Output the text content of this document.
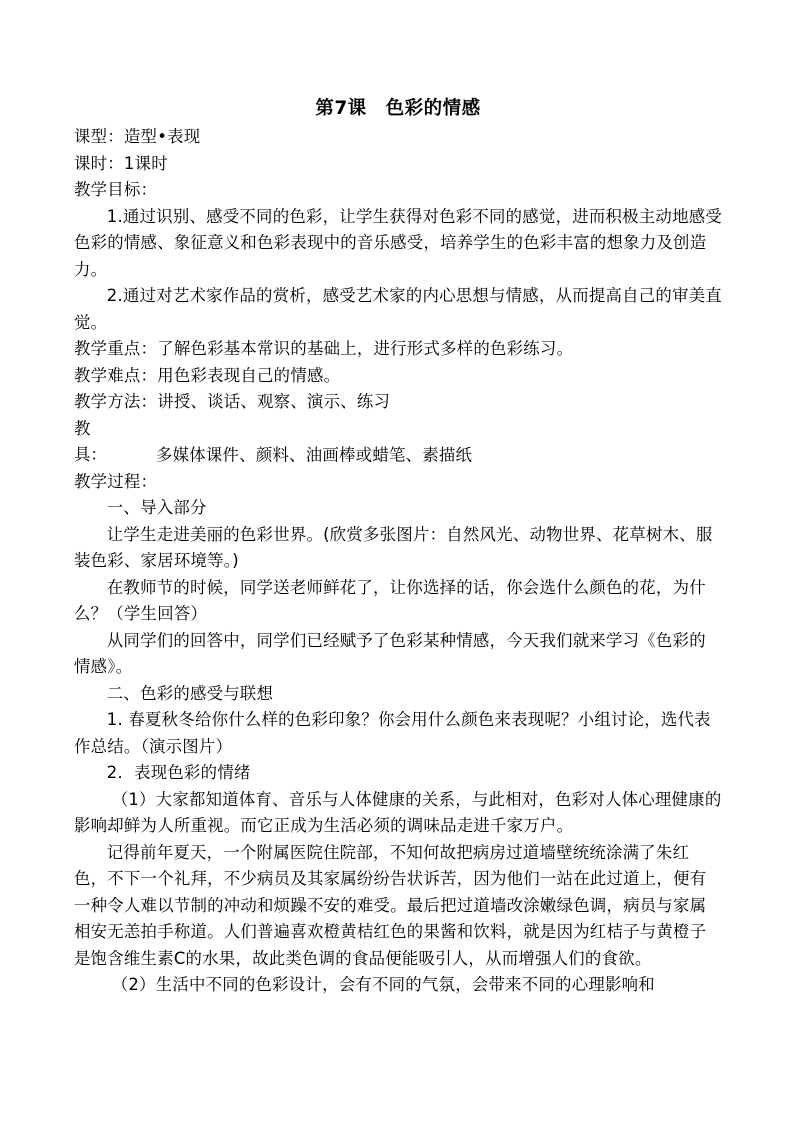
第7课　色彩的情感

课型：造型•表现

课时：1课时

教学目标：

1.通过识别、感受不同的色彩，让学生获得对色彩不同的感觉，进而积极主动地感受色彩的情感、象征意义和色彩表现中的音乐感受，培养学生的色彩丰富的想象力及创造力。

2.通过对艺术家作品的赏析，感受艺术家的内心思想与情感，从而提高自己的审美直觉。

教学重点：了解色彩基本常识的基础上，进行形式多样的色彩练习。

教学难点：用色彩表现自己的情感。

教学方法：讲授、谈话、观察、演示、练习

教具：	多媒体课件、颜料、油画棒或蜡笔、素描纸

教学过程：

一、导入部分

让学生走进美丽的色彩世界。(欣赏多张图片：自然风光、动物世界、花草树木、服装色彩、家居环境等。)

在教师节的时候，同学送老师鲜花了，让你选择的话，你会选什么颜色的花，为什么？（学生回答）

从同学们的回答中，同学们已经赋予了色彩某种情感，今天我们就来学习《色彩的情感》。

二、色彩的感受与联想

1. 春夏秋冬给你什么样的色彩印象？你会用什么颜色来表现呢？小组讨论，选代表作总结。（演示图片）

2．表现色彩的情绪

（1）大家都知道体育、音乐与人体健康的关系，与此相对，色彩对人体心理健康的影响却鲜为人所重视。而它正成为生活必须的调味品走进千家万户。

记得前年夏天，一个附属医院住院部，不知何故把病房过道墙壁统统涂满了朱红色，不下一个礼拜，不少病员及其家属纷纷告状诉苦，因为他们一站在此过道上，便有一种令人难以节制的冲动和烦躁不安的难受。最后把过道墙改涂嫩绿色调，病员与家属相安无恙拍手称道。人们普遍喜欢橙黄桔红色的果酱和饮料，就是因为红桔子与黄橙子是饱含维生素C的水果，故此类色调的食品便能吸引人，从而增强人们的食欲。

（2）生活中不同的色彩设计，会有不同的气氛，会带来不同的心理影响和
